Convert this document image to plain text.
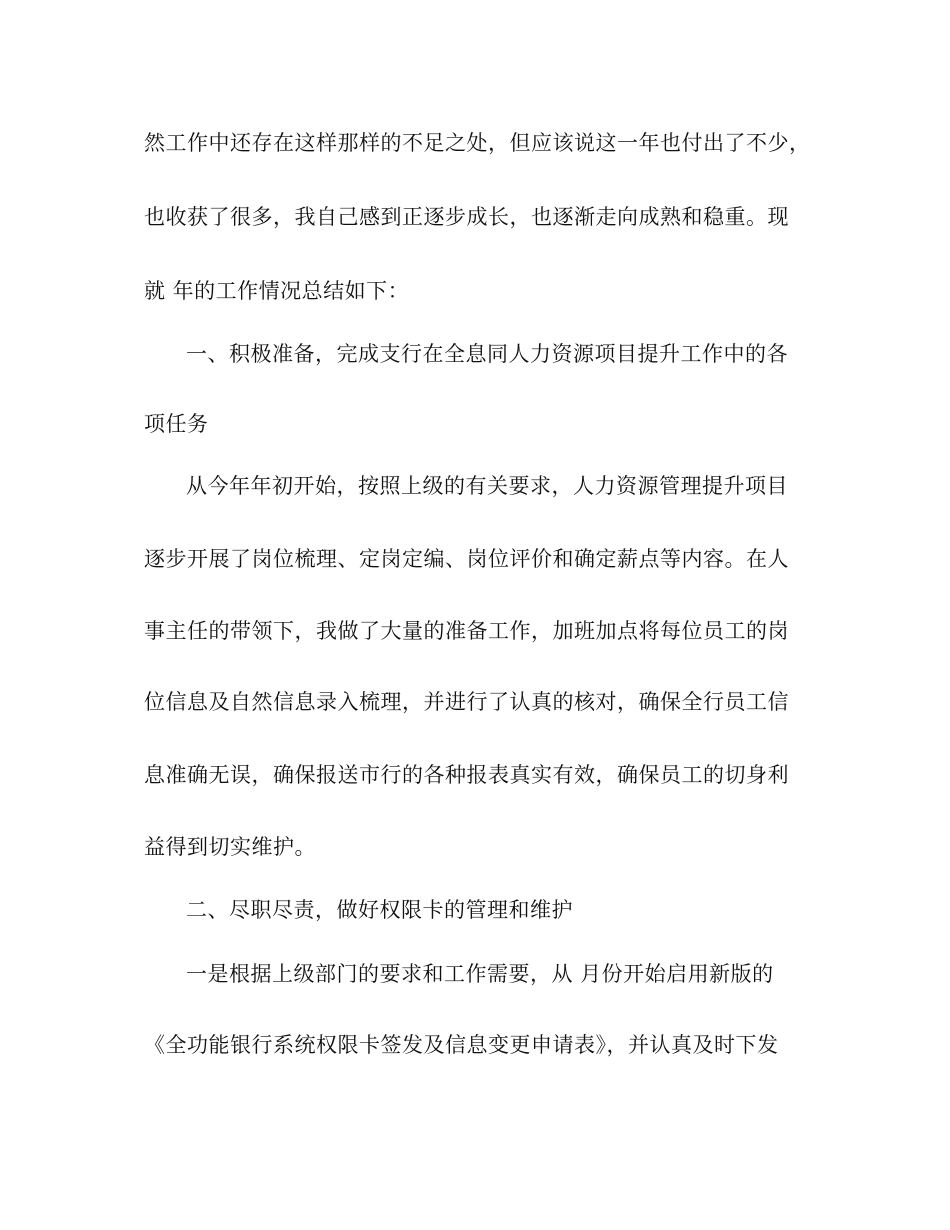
然工作中还存在这样那样的不足之处，但应该说这一年也付出了不少，
也收获了很多，我自己感到正逐步成长，也逐渐走向成熟和稳重。现
就 年的工作情况总结如下：
一、积极准备，完成支行在全息同人力资源项目提升工作中的各
项任务
从今年年初开始，按照上级的有关要求，人力资源管理提升项目
逐步开展了岗位梳理、定岗定编、岗位评价和确定薪点等内容。在人
事主任的带领下，我做了大量的准备工作，加班加点将每位员工的岗
位信息及自然信息录入梳理，并进行了认真的核对，确保全行员工信
息准确无误，确保报送市行的各种报表真实有效，确保员工的切身利
益得到切实维护。
二、尽职尽责，做好权限卡的管理和维护
一是根据上级部门的要求和工作需要，从 月份开始启用新版的
《全功能银行系统权限卡签发及信息变更申请表》，并认真及时下发
